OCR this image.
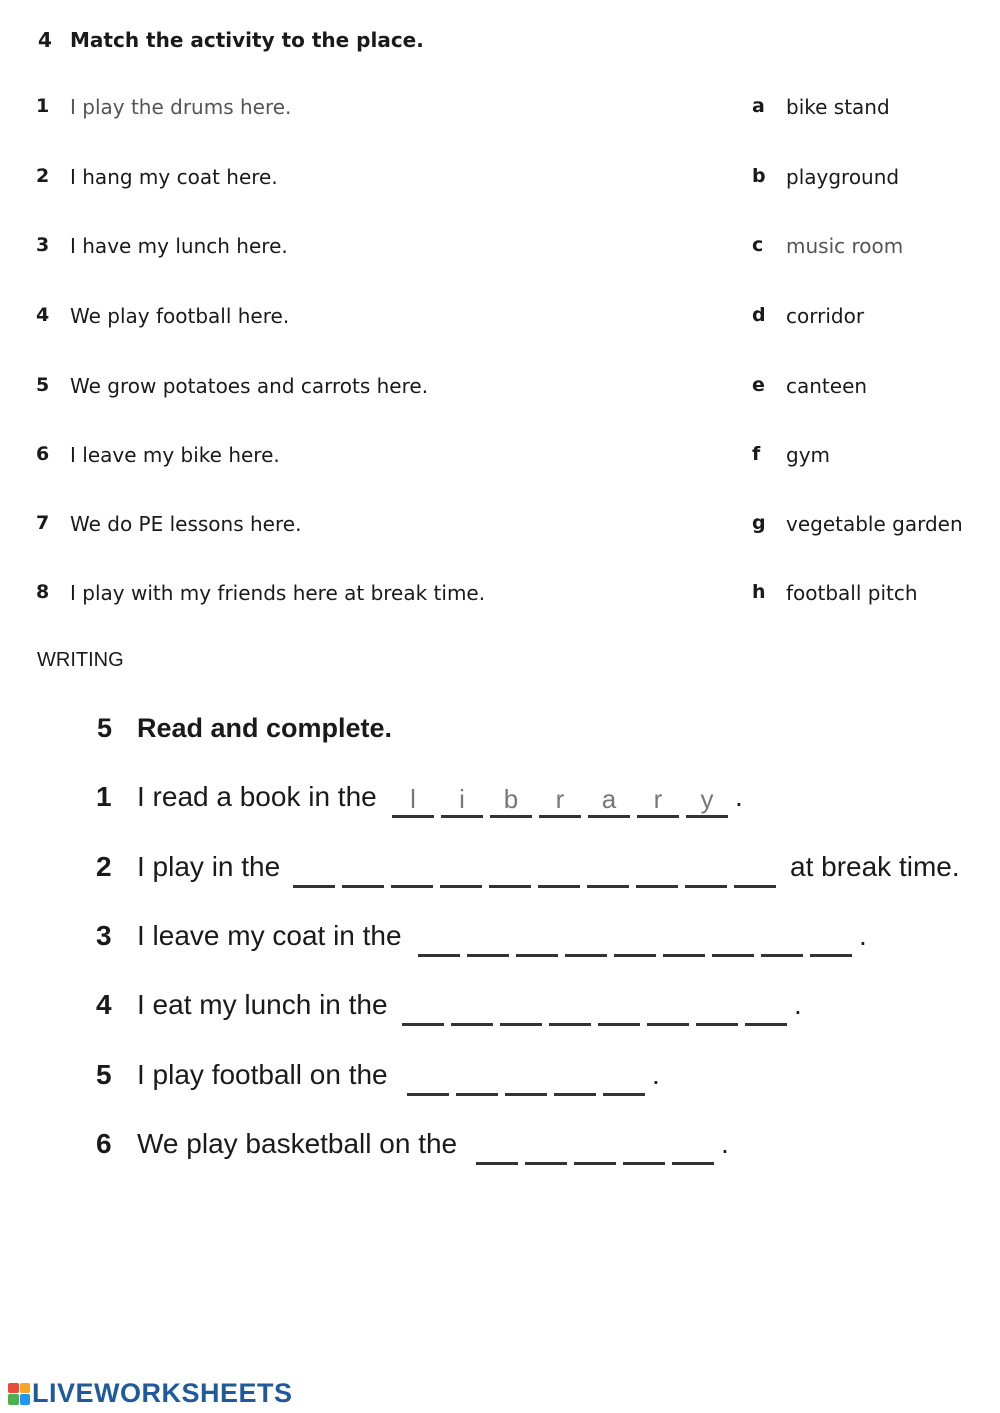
4 Match the activity to the place.
1 I play the drums here.	a bike stand
2 I hang my coat here.	b playground
3 I have my lunch here.	c music room
4 We play football here.	d corridor
5 We grow potatoes and carrots here.	e canteen
6 I leave my bike here.	f gym
7 We do PE lessons here.	g vegetable garden
8 I play with my friends here at break time.	h football pitch
WRITING
5 Read and complete.
1 I read a book in the	l	i	b	r	a	r	y .
2 I play in the	at break time.
3 I leave my coat in the	.
4 I eat my lunch in the	.
5 I play football on the	.
6 We play basketball on the	.
LIVEWORKSHEETS
